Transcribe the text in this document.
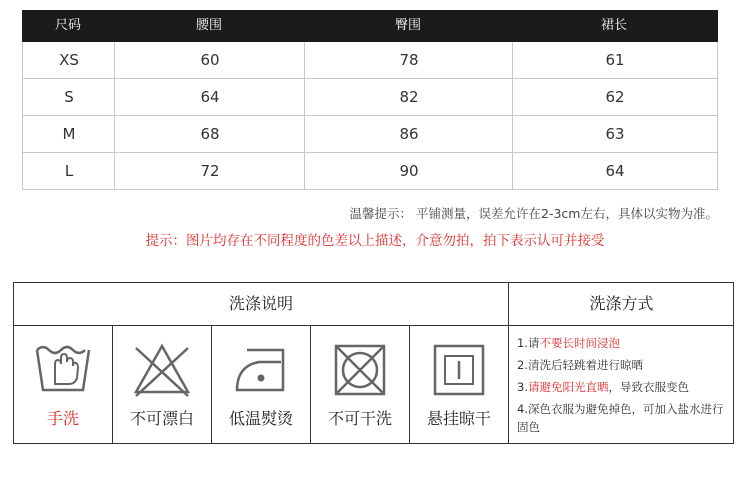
尺码	腰围	臀围	裙长
XS	60	78	61
S	64	82	62
M	68	86	63
L	72	90	64
温馨提示： 平铺测量，误差允许在2-3cm左右，具体以实物为准。
提示：图片均存在不同程度的色差以上描述，介意勿拍，拍下表示认可并接受
洗涤说明	洗涤方式
手洗	不可漂白	低温熨烫	不可干洗	悬挂晾干
1.请不要长时间浸泡
2.清洗后轻跳着进行晾晒
3.请避免阳光直晒，导致衣服变色
4.深色衣服为避免掉色，可加入盐水进行固色
